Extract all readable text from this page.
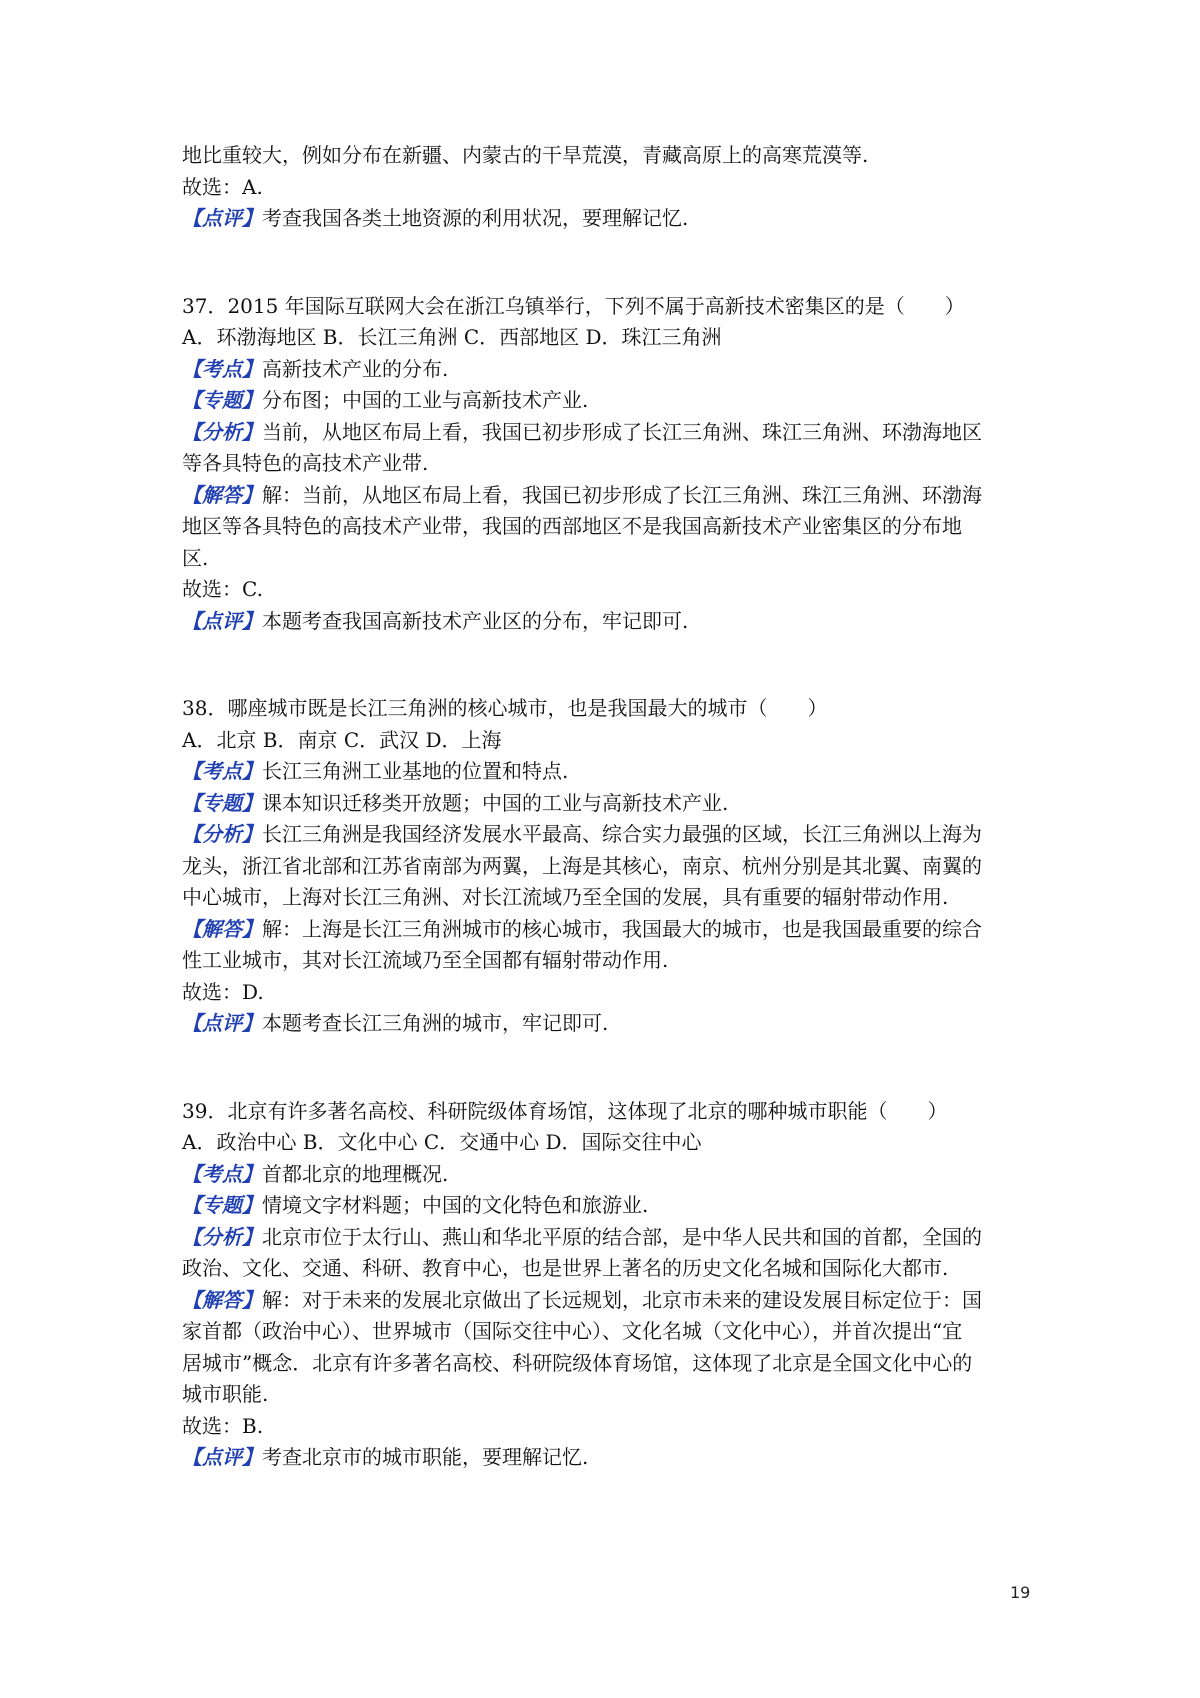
地比重较大，例如分布在新疆、内蒙古的干旱荒漠，青藏高原上的高寒荒漠等.
故选：A.
【点评】考查我国各类土地资源的利用状况，要理解记忆.
37．2015 年国际互联网大会在浙江乌镇举行，下列不属于高新技术密集区的是（　　）
A．环渤海地区 B．长江三角洲 C．西部地区 D．珠江三角洲
【考点】高新技术产业的分布.
【专题】分布图；中国的工业与高新技术产业.
【分析】当前，从地区布局上看，我国已初步形成了长江三角洲、珠江三角洲、环渤海地区
等各具特色的高技术产业带.
【解答】解：当前，从地区布局上看，我国已初步形成了长江三角洲、珠江三角洲、环渤海
地区等各具特色的高技术产业带，我国的西部地区不是我国高新技术产业密集区的分布地
区.
故选：C.
【点评】本题考查我国高新技术产业区的分布，牢记即可.
38．哪座城市既是长江三角洲的核心城市，也是我国最大的城市（　　）
A．北京 B．南京 C．武汉 D．上海
【考点】长江三角洲工业基地的位置和特点.
【专题】课本知识迁移类开放题；中国的工业与高新技术产业.
【分析】长江三角洲是我国经济发展水平最高、综合实力最强的区域，长江三角洲以上海为
龙头，浙江省北部和江苏省南部为两翼，上海是其核心，南京、杭州分别是其北翼、南翼的
中心城市，上海对长江三角洲、对长江流域乃至全国的发展，具有重要的辐射带动作用.
【解答】解：上海是长江三角洲城市的核心城市，我国最大的城市，也是我国最重要的综合
性工业城市，其对长江流域乃至全国都有辐射带动作用.
故选：D.
【点评】本题考查长江三角洲的城市，牢记即可.
39．北京有许多著名高校、科研院级体育场馆，这体现了北京的哪种城市职能（　　）
A．政治中心 B．文化中心 C．交通中心 D．国际交往中心
【考点】首都北京的地理概况.
【专题】情境文字材料题；中国的文化特色和旅游业.
【分析】北京市位于太行山、燕山和华北平原的结合部，是中华人民共和国的首都，全国的
政治、文化、交通、科研、教育中心，也是世界上著名的历史文化名城和国际化大都市.
【解答】解：对于未来的发展北京做出了长远规划，北京市未来的建设发展目标定位于：国
家首都（政治中心）、世界城市（国际交往中心）、文化名城（文化中心），并首次提出“宜
居城市”概念．北京有许多著名高校、科研院级体育场馆，这体现了北京是全国文化中心的
城市职能.
故选：B.
【点评】考查北京市的城市职能，要理解记忆.
19
